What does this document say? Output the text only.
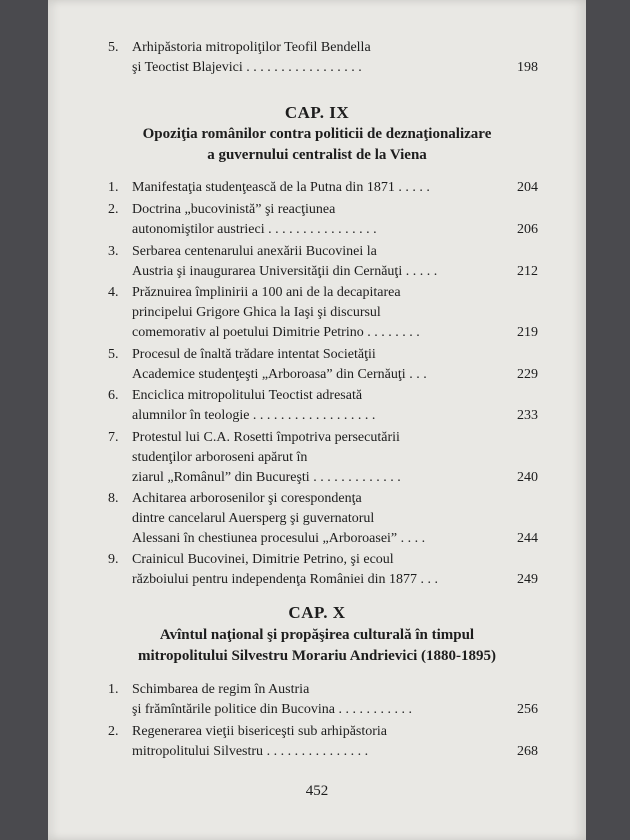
5. Arhipăstoria mitropoliţilor Teofil Bendella
şi Teoctist Blajevici . . . . . . . . . . . . . . . . .	198
CAP. IX
Opoziţia românilor contra politicii de deznaţionalizare
a guvernului centralist de la Viena
1. Manifestaţia studenţească de la Putna din 1871 . . . . .	204
2. Doctrina „bucovinistă” şi reacţiunea
autonomiştilor austrieci . . . . . . . . . . . . . . . .	206
3. Serbarea centenarului anexării Bucovinei la
Austria şi inaugurarea Universităţii din Cernăuţi . . . . .	212
4. Prăznuirea împlinirii a 100 ani de la decapitarea
principelui Grigore Ghica la Iaşi şi discursul
comemorativ al poetului Dimitrie Petrino . . . . . . . .	219
5. Procesul de înaltă trădare intentat Societăţii
Academice studenţeşti „Arboroasa” din Cernăuţi . . .	229
6. Enciclica mitropolitului Teoctist adresată
alumnilor în teologie . . . . . . . . . . . . . . . . . .	233
7. Protestul lui C.A. Rosetti împotriva persecutării
studenţilor arboroseni apărut în
ziarul „Românul” din Bucureşti . . . . . . . . . . . . .	240
8. Achitarea arborosenilor şi corespondenţa
dintre cancelarul Auersperg şi guvernatorul
Alessani în chestiunea procesului „Arboroasei” . . . .	244
9. Crainicul Bucovinei, Dimitrie Petrino, şi ecoul
războiului pentru independenţa României din 1877 . . .	249
CAP. X
Avîntul naţional şi propăşirea culturală în timpul
mitropolitului Silvestru Morariu Andrievici (1880-1895)
1. Schimbarea de regim în Austria
şi frămîntările politice din Bucovina . . . . . . . . . . .	256
2. Regenerarea vieţii bisericeşti sub arhipăstoria
mitropolitului Silvestru . . . . . . . . . . . . . . .	268
452
